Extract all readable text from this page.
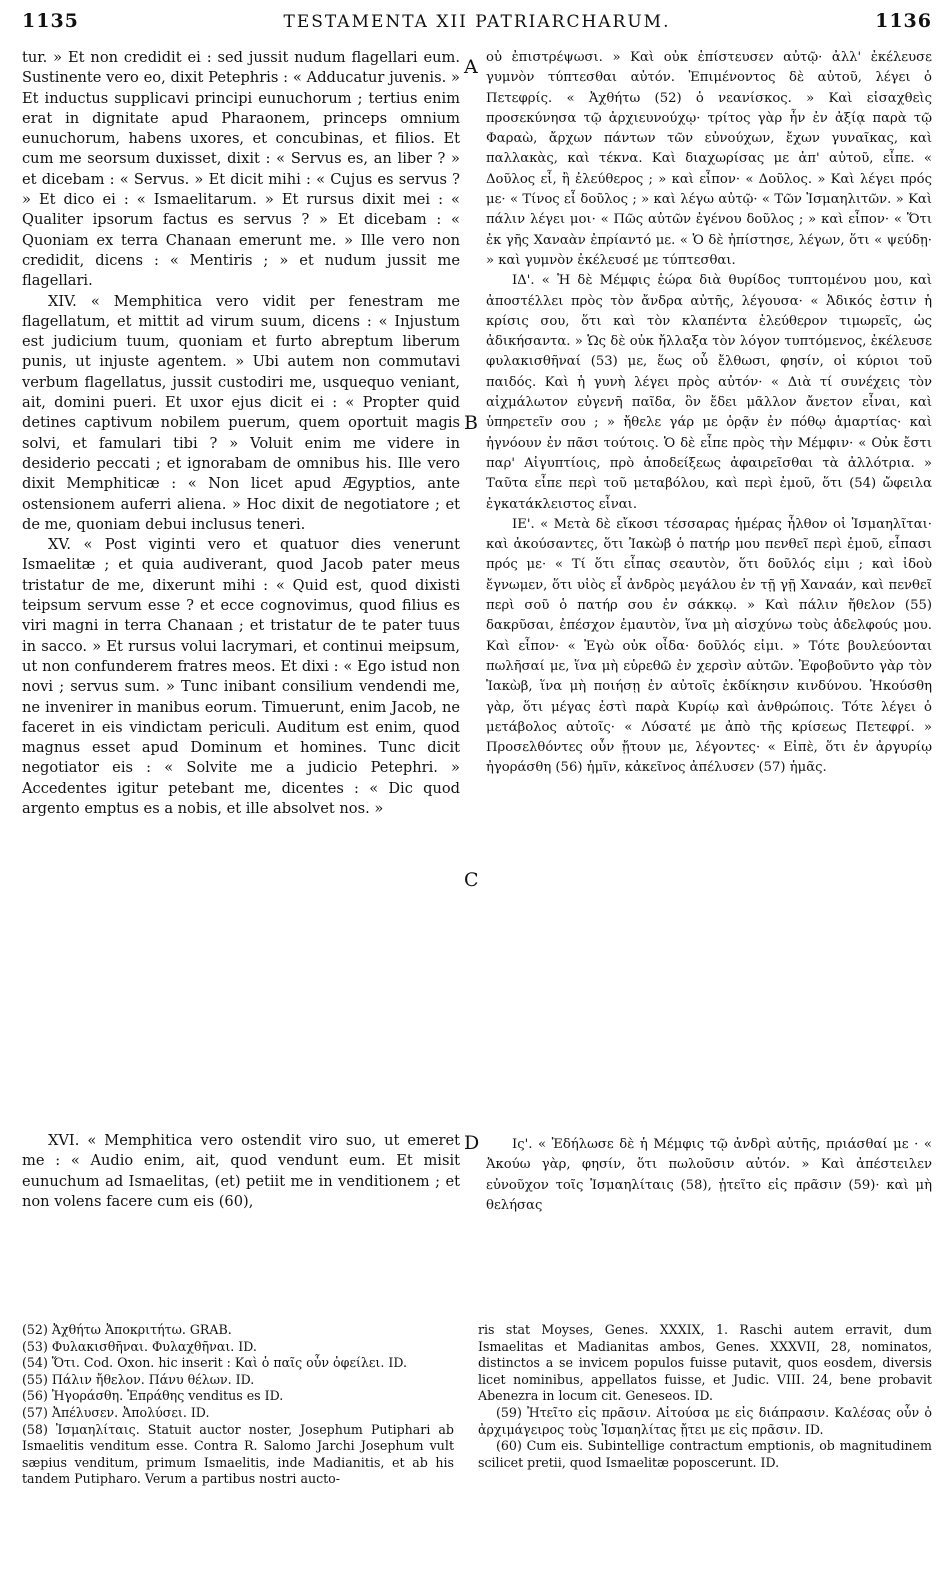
1135	TESTAMENTA XII PATRIARCHARUM.	1136

tur. » Et non credidit ei : sed jussit nudum flagellari eum. Sustinente vero eo, dixit Petephris : « Adducatur juvenis. » Et inductus supplicavi principi eunuchorum ; tertius enim erat in dignitate apud Pharaonem, princeps omnium eunuchorum, habens uxores, et concubinas, et filios. Et cum me seorsum duxisset, dixit : « Servus es, an liber ? » et dicebam : « Servus. » Et dicit mihi : « Cujus es servus ? » Et dico ei : « Ismaelitarum. » Et rursus dixit mei : « Qualiter ipsorum factus es servus ? » Et dicebam : « Quoniam ex terra Chanaan emerunt me. » Ille vero non credidit, dicens : « Mentiris ; » et nudum jussit me flagellari.

XIV. « Memphitica vero vidit per fenestram me flagellatum, et mittit ad virum suum, dicens : « Injustum est judicium tuum, quoniam et furto abreptum liberum punis, ut injuste agentem. » Ubi autem non commutavi verbum flagellatus, jussit custodiri me, usquequo veniant, ait, domini pueri. Et uxor ejus dicit ei : « Propter quid detines captivum nobilem puerum, quem oportuit magis solvi, et famulari tibi ? » Voluit enim me videre in desiderio peccati ; et ignorabam de omnibus his. Ille vero dixit Memphiticæ : « Non licet apud Ægyptios, ante ostensionem auferri aliena. » Hoc dixit de negotiatore ; et de me, quoniam debui inclusus teneri.

XV. « Post viginti vero et quatuor dies venerunt Ismaelitæ ; et quia audiverant, quod Jacob pater meus tristatur de me, dixerunt mihi : « Quid est, quod dixisti teipsum servum esse ? et ecce cognovimus, quod filius es viri magni in terra Chanaan ; et tristatur de te pater tuus in sacco. » Et rursus volui lacrymari, et continui meipsum, ut non confunderem fratres meos. Et dixi : « Ego istud non novi ; servus sum. » Tunc inibant consilium vendendi me, ne invenirer in manibus eorum. Timuerunt, enim Jacob, ne faceret in eis vindictam periculi. Auditum est enim, quod magnus esset apud Dominum et homines. Tunc dicit negotiator eis : « Solvite me a judicio Petephri. » Accedentes igitur petebant me, dicentes : « Dic quod argento emptus es a nobis, et ille absolvet nos. »

οὐ ἐπιστρέψωσι. » Καὶ οὐκ ἐπίστευσεν αὐτῷ· ἀλλ' ἐκέλευσε γυμνὸν τύπτεσθαι αὐτόν. Ἐπιμένοντος δὲ αὐτοῦ, λέγει ὁ Πετεφρίς. « Ἀχθήτω (52) ὁ νεανίσκος. » Καὶ εἰσαχθεὶς προσεκύνησα τῷ ἀρχιευνούχῳ· τρίτος γὰρ ἦν ἐν ἀξίᾳ παρὰ τῷ Φαραὼ, ἄρχων πάντων τῶν εὐνούχων, ἔχων γυναῖκας, καὶ παλλακὰς, καὶ τέκνα. Καὶ διαχωρίσας με ἀπ' αὐτοῦ, εἶπε. « Δοῦλος εἶ, ἢ ἐλεύθερος ; » καὶ εἶπον· « Δοῦλος. » Καὶ λέγει πρός με· « Τίνος εἶ δοῦλος ; » καὶ λέγω αὐτῷ· « Τῶν Ἰσμαηλιτῶν. » Καὶ πάλιν λέγει μοι· « Πῶς αὐτῶν ἐγένου δοῦλος ; » καὶ εἶπον· « Ὅτι ἐκ γῆς Χαναὰν ἐπρίαντό με. « Ὁ δὲ ἠπίστησε, λέγων, ὅτι « ψεύδῃ· » καὶ γυμνὸν ἐκέλευσέ με τύπτεσθαι.

ΙΔ'. « Ἡ δὲ Μέμφις ἑώρα διὰ θυρίδος τυπτομένου μου, καὶ ἀποστέλλει πρὸς τὸν ἄνδρα αὐτῆς, λέγουσα· « Ἀδικός ἐστιν ἡ κρίσις σου, ὅτι καὶ τὸν κλαπέντα ἐλεύθερον τιμωρεῖς, ὡς ἀδικήσαντα. » Ὡς δὲ οὐκ ἤλλαξα τὸν λόγον τυπτόμενος, ἐκέλευσε φυλακισθῆναί (53) με, ἕως οὗ ἔλθωσι, φησίν, οἱ κύριοι τοῦ παιδός. Καὶ ἡ γυνὴ λέγει πρὸς αὐτόν· « Διὰ τί συνέχεις τὸν αἰχμάλωτον εὐγενῆ παῖδα, ὃν ἔδει μᾶλλον ἄνετον εἶναι, καὶ ὑπηρετεῖν σου ; » ἤθελε γάρ με ὁρᾷν ἐν πόθῳ ἁμαρτίας· καὶ ἠγνόουν ἐν πᾶσι τούτοις. Ὁ δὲ εἶπε πρὸς τὴν Μέμφιν· « Οὐκ ἔστι παρ' Αἰγυπτίοις, πρὸ ἀποδείξεως ἀφαιρεῖσθαι τὰ ἀλλότρια. » Ταῦτα εἶπε περὶ τοῦ μεταβόλου, καὶ περὶ ἐμοῦ, ὅτι (54) ὤφειλα ἐγκατάκλειστος εἶναι.

ΙΕ'. « Μετὰ δὲ εἴκοσι τέσσαρας ἡμέρας ἦλθον οἱ Ἰσμαηλῖται· καὶ ἀκούσαντες, ὅτι Ἰακὼβ ὁ πατήρ μου πενθεῖ περὶ ἐμοῦ, εἶπασι πρός με· « Τί ὅτι εἶπας σεαυτὸν, ὅτι δοῦλός εἰμι ; καὶ ἰδοὺ ἔγνωμεν, ὅτι υἱὸς εἶ ἀνδρὸς μεγάλου ἐν τῇ γῇ Χαναάν, καὶ πενθεῖ περὶ σοῦ ὁ πατήρ σου ἐν σάκκῳ. » Καὶ πάλιν ἤθελον (55) δακρῦσαι, ἐπέσχον ἐμαυτὸν, ἵνα μὴ αἰσχύνω τοὺς ἀδελφούς μου. Καὶ εἶπον· « Ἐγὼ οὐκ οἶδα· δοῦλός εἰμι. » Τότε βουλεύονται πωλῆσαί με, ἵνα μὴ εὑρεθῶ ἐν χερσὶν αὐτῶν. Ἐφοβοῦντο γὰρ τὸν Ἰακὼβ, ἵνα μὴ ποιήσῃ ἐν αὐτοῖς ἐκδίκησιν κινδύνου. Ἠκούσθη γὰρ, ὅτι μέγας ἐστὶ παρὰ Κυρίῳ καὶ ἀνθρώποις. Τότε λέγει ὁ μετάβολος αὐτοῖς· « Λύσατέ με ἀπὸ τῆς κρίσεως Πετεφρί. » Προσελθόντες οὖν ᾔτουν με, λέγοντες· « Εἰπὲ, ὅτι ἐν ἀργυρίῳ ἠγοράσθη (56) ἡμῖν, κἀκεῖνος ἀπέλυσεν (57) ἡμᾶς.

XVI. « Memphitica vero ostendit viro suo, ut emeret me : « Audio enim, ait, quod vendunt eum. Et misit eunuchum ad Ismaelitas, (et) petiit me in venditionem ; et non volens facere cum eis (60),

Ις'. « Ἐδήλωσε δὲ ἡ Μέμφις τῷ ἀνδρὶ αὐτῆς, πριάσθαί με · « Ἀκούω γὰρ, φησίν, ὅτι πωλοῦσιν αὐτόν. » Καὶ ἀπέστειλεν εὐνοῦχον τοῖς Ἰσμαηλίταις (58), ᾐτεῖτο εἰς πρᾶσιν (59)· καὶ μὴ θελήσας

A
B
C
D

(52) Ἀχθήτω Ἀποκριτήτω. GRAB.

(53) Φυλακισθῆναι. Φυλαχθῆναι. ID.

(54) Ὅτι. Cod. Oxon. hic inserit : Καὶ ὁ παῖς οὖν ὀφείλει. ID.

(55) Πάλιν ἤθελον. Πάνυ θέλων. ID.

(56) Ἠγοράσθη. Ἐπράθης venditus es ID.

(57) Ἀπέλυσεν. Ἀπολύσει. ID.

(58) Ἰσμαηλίταις. Statuit auctor noster, Josephum Putiphari ab Ismaelitis venditum esse. Contra R. Salomo Jarchi Josephum vult sæpius venditum, primum Ismaelitis, inde Madianitis, et ab his tandem Putipharo. Verum a partibus nostri aucto-

ris stat Moyses, Genes. XXXIX, 1. Raschi autem erravit, dum Ismaelitas et Madianitas ambos, Genes. XXXVII, 28, nominatos, distinctos a se invicem populos fuisse putavit, quos eosdem, diversis licet nominibus, appellatos fuisse, et Judic. VIII. 24, bene probavit Abenezra in locum cit. Geneseos. ID.

(59) Ἠτεῖτο εἰς πρᾶσιν. Αἰτούσα με εἰς διάπρασιν. Καλέσας οὖν ὁ ἀρχιμάγειρος τοὺς Ἰσμαηλίτας ᾔτει με εἰς πρᾶσιν. ID.

(60) Cum eis. Subintellige contractum emptionis, ob magnitudinem scilicet pretii, quod Ismaelitæ poposcerunt. ID.
